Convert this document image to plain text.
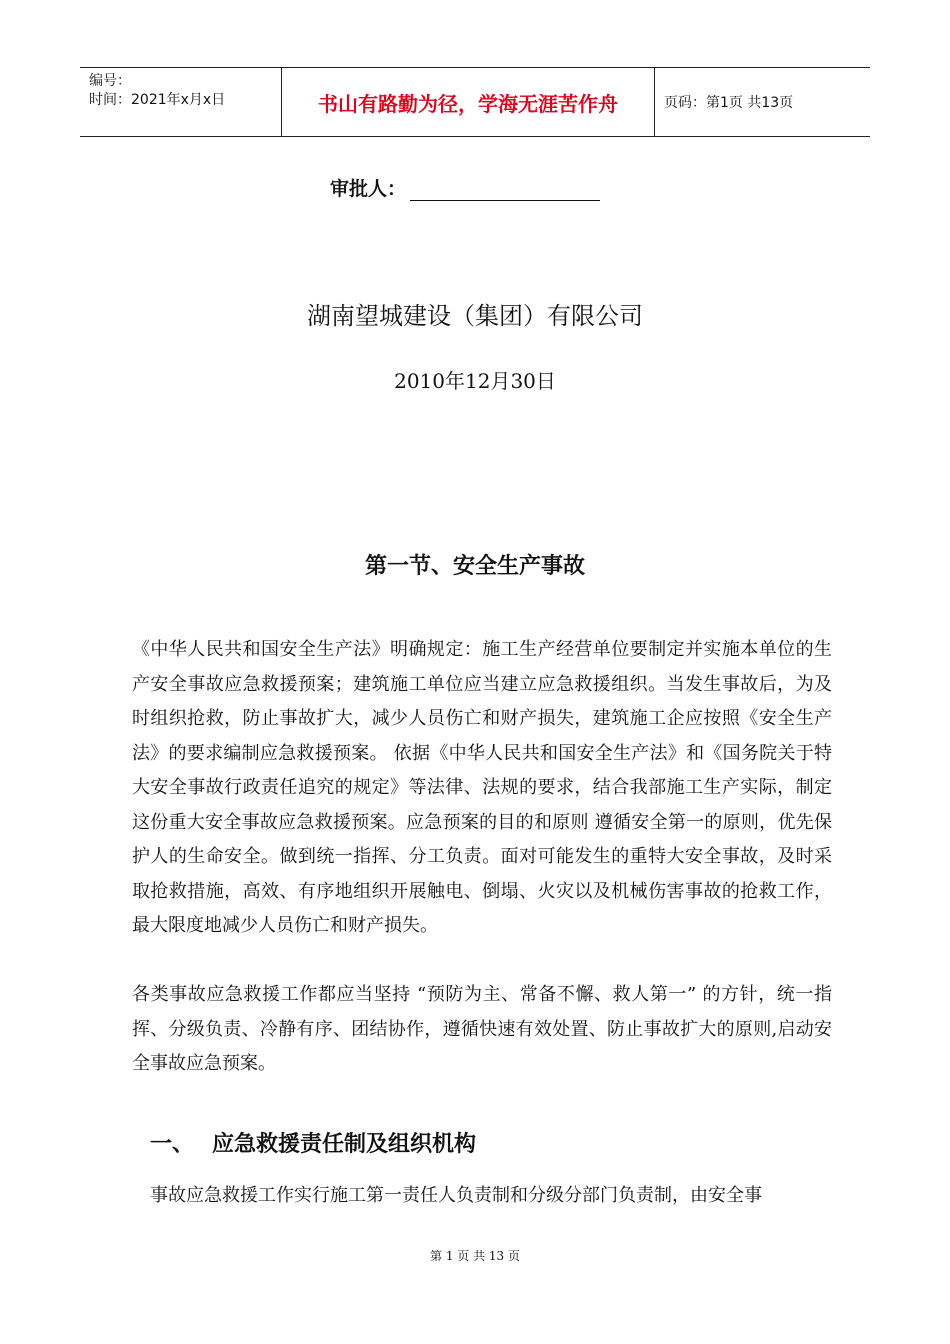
编号：
时间：2021年x月x日	书山有路勤为径，学海无涯苦作舟	页码：第1页 共13页
审批人：
湖南望城建设（集团）有限公司
2010年12月30日
第一节、安全生产事故
《中华人民共和国安全生产法》明确规定：施工生产经营单位要制定并实施本单位的生产安全事故应急救援预案；建筑施工单位应当建立应急救援组织。当发生事故后，为及时组织抢救，防止事故扩大，减少人员伤亡和财产损失，建筑施工企应按照《安全生产法》的要求编制应急救援预案。 依据《中华人民共和国安全生产法》和《国务院关于特大安全事故行政责任追究的规定》等法律、法规的要求，结合我部施工生产实际，制定这份重大安全事故应急救援预案。应急预案的目的和原则 遵循安全第一的原则，优先保护人的生命安全。做到统一指挥、分工负责。面对可能发生的重特大安全事故，及时采取抢救措施，高效、有序地组织开展触电、倒塌、火灾以及机械伤害事故的抢救工作，最大限度地减少人员伤亡和财产损失。
各类事故应急救援工作都应当坚持 “预防为主、常备不懈、救人第一” 的方针，统一指挥、分级负责、冷静有序、团结协作，遵循快速有效处置、防止事故扩大的原则,启动安全事故应急预案。
一、 应急救援责任制及组织机构
事故应急救援工作实行施工第一责任人负责制和分级分部门负责制，由安全事
第 1 页 共 13 页
